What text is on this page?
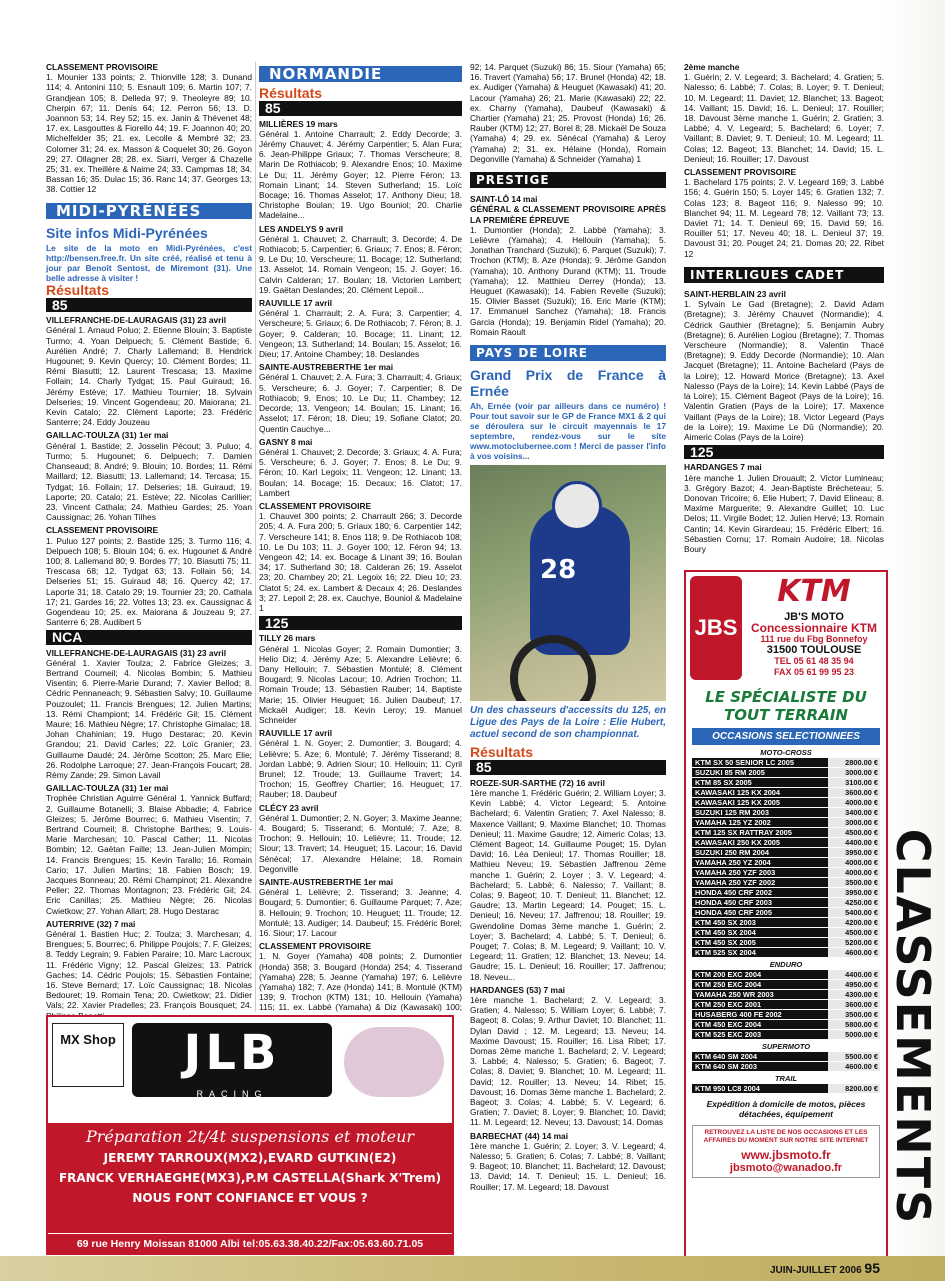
CLASSEMENT PROVISOIRE

1. Mounier 133 points; 2. Thionville 128; 3. Dunand 114; 4. Antonini 110; 5. Esnault 109; 6. Martin 107; 7. Grandjean 105; 8. Delleda 97; 9. Theoleyre 89; 10. Cherpin 67; 11. Denis 64; 12. Perron 56; 13. D. Joannon 53; 14. Rey 52; 15. ex. Janin & Thévenet 48; 17. ex. Lasgouttes & Fiorello 44; 19. F. Joannon 40; 20. Michelfelder 35; 21. ex. Lecolle & Membré 32; 23. Colomer 31; 24. ex. Masson & Coquelet 30; 26. Goyon 29; 27. Ollagner 28; 28. ex. Siarri, Verger & Chazelle 25; 31. ex. Theillère & Naime 24; 33. Campmas 18; 34. Bassan 16; 35. Dulac 15; 36. Ranc 14; 37. Georges 13; 38. Cottier 12

MIDI-PYRÉNÉES
Site infos Midi-Pyrénées
Le site de la moto en Midi-Pyrénées, c'est http://bensen.free.fr. Un site créé, réalisé et tenu à jour par Benoît Sentost, de Miremont (31). Une belle adresse à visiter !
Résultats
85

VILLEFRANCHE-DE-LAURAGAIS (31) 23 avril

Général 1. Arnaud Poluo; 2. Etienne Blouin; 3. Baptiste Turmo; 4. Yoan Delpuech; 5. Clément Bastide; 6. Aurélien André; 7. Charly Lallemand; 8. Hendrick Hugounet; 9. Kevin Quercy; 10. Clément Bordes; 11. Rémi Biasutti; 12. Laurent Trescasa; 13. Maxime Follain; 14. Charly Tydgat; 15. Paul Guiraud; 16. Jérémy Estève; 17. Mathieu Tournier; 18. Sylvain Delseries; 19. Vincent Gogendeau; 20. Maiorana; 21. Kevin Catalo; 22. Clément Laporte; 23. Frédéric Santerre; 24. Eddy Jouzeau

GAILLAC-TOULZA (31) 1er mai

Général 1. Bastide; 2. Josselin Pécout; 3. Puluo; 4. Turmo; 5. Hugounet; 6. Delpuech; 7. Damien Chanseaud; 8. André; 9. Blouin; 10. Bordes; 11. Rémi Maillard; 12. Biasutti; 13. Lallemand; 14. Tercasa; 15. Tydgat; 16. Follain; 17. Delseries; 18. Guiraud; 19. Laporte; 20. Catalo; 21. Estève; 22. Nicolas Carillier; 23. Vincent Cathala; 24. Mathieu Gardes; 25. Yoan Caussignac; 26. Yohan Tilhes

CLASSEMENT PROVISOIRE

1. Puluo 127 points; 2. Bastide 125; 3. Turmo 116; 4. Delpuech 108; 5. Blouin 104; 6. ex. Hugounet & André 100; 8. Lallemand 80; 9. Bordes 77; 10. Biasutti 75; 11. Trescasa 68; 12. Tydgat 63; 13. Follain 56; 14. Delseries 51; 15. Guiraud 48; 16. Quercy 42; 17. Laporte 31; 18. Catalo 29; 19. Tournier 23; 20. Cathala 17; 21. Gardes 16; 22. Voltes 13; 23. ex. Caussignac & Gogendeau 10; 25. ex. Maiorana & Jouzeau 9; 27. Santerre 6; 28. Audibert 5

NCA

VILLEFRANCHE-DE-LAURAGAIS (31) 23 avril

Général 1. Xavier Toulza; 2. Fabrice Gleizes; 3. Bertrand Coumeil; 4. Nicolas Bombin; 5. Mathieu Visentin; 6. Pierre-Marie Durand; 7. Xavier Bellod; 8. Cédric Pennaneach; 9. Sébastien Salvy; 10. Guillaume Pouzoulet; 11. Francis Brengues; 12. Julien Martins; 13. Rémi Championt; 14. Frédéric Gil; 15. Clément Maure; 16. Mathieu Nègre; 17. Christophe Gimalac; 18. Johan Chahinian; 19. Hugo Destarac; 20. Kevin Grandou; 21. David Carles; 22. Loïc Granier; 23. Guillaume Daudé; 24. Jérôme Scotton; 25. Marc Elie; 26. Rodolphe Larroque; 27. Jean-François Foucart; 28. Rémy Zande; 29. Simon Lavail

GAILLAC-TOULZA (31) 1er mai

Trophée Christian Aguirre Général 1. Yannick Buffard; 2. Guillaume Botanelli; 3. Blaise Abbadie; 4. Fabrice Gleizes; 5. Jérôme Bourrec; 6. Mathieu Visentin; 7. Bertrand Coumeil; 8. Christophe Barthes; 9. Louis-Marie Marchesan; 10. Pascal Cather; 11. Nicolas Bombin; 12. Gaëtan Faille; 13. Jean-Julien Mompin; 14. Francis Brengues; 15. Kevin Tarallo; 16. Romain Cario; 17. Julien Martins; 18. Fabien Bosch; 19. Jacques Bonneau; 20. Rémi Champinot; 21. Alexandre Peller; 22. Thomas Montagnon; 23. Frédéric Gil; 24. Eric Canillas; 25. Mathieu Nègre; 26. Nicolas Cwietkow; 27. Yohan Allart; 28. Hugo Destarac

AUTERRIVE (32) 7 mai

Général 1. Bastien Huc; 2. Toulza; 3. Marchesan; 4. Brengues; 5. Bourrec; 6. Philippe Poujols; 7. F. Gleizes; 8. Teddy Legrain; 9. Fabien Paraire; 10. Marc Lacroux; 11. Frédéric Vigny; 12. Pascal Gleizes; 13. Patrick Gaches; 14. Cédric Poujols; 15. Sébastien Fontaine; 16. Steve Bernard; 17. Loïc Caussignac; 18. Nicolas Bedouret; 19. Romain Tena; 20. Cwietkow; 21. Didier Vals; 22. Xavier Pradelles; 23. François Bousquet; 24.

NORMANDIE
Résultats
85

MILLIÈRES 19 mars

Général 1. Antoine Charrault; 2. Eddy Decorde; 3. Jérémy Chauvet; 4. Jérémy Carpentier; 5. Alan Fura; 6. Jean-Philippe Griaux; 7. Thomas Verscheure; 8. Marin De Rothiacob; 9. Alexandre Enos; 10. Maxime Le Du; 11. Jérémy Goyer; 12. Pierre Féron; 13. Romain Linant; 14. Steven Sutherland; 15. Loïc Bocage; 16. Thomas Asselot; 17. Anthony Dieu; 18. Christophe Boulan; 19. Ugo Bouniol; 20. Charlie Madelaine...

LES ANDELYS 9 avril

Général 1. Chauvet; 2. Charrault; 3. Decorde; 4. De Rothiacob; 5. Carpentier; 6. Griaux; 7. Enos; 8. Féron; 9. Le Du; 10. Verscheure; 11. Bocage; 12. Sutherland; 13. Asselot; 14. Romain Vengeon; 15. J. Goyer; 16. Calvin Calderan; 17. Boulan; 18. Victorien Lambert; 19. Gaëtan Deslandes; 20. Clément Lepoil...

RAUVILLE 17 avril

Général 1. Charrault; 2. A. Fura; 3. Carpentier; 4. Verscheure; 5. Griaux; 6. De Rothiacob; 7. Féron; 8. J. Goyer; 9. Calderan; 10. Bocage; 11. Linant; 12. Vengeon; 13. Sutherland; 14. Boulan; 15. Asselot; 16. Dieu; 17. Antoine Chambey; 18. Deslandes

SAINTE-AUSTREBERTHE 1er mai

Général 1. Chauvet; 2. A. Fura; 3. Charrault; 4. Griaux; 5. Verscheure; 6. J. Goyer; 7. Carpentier; 8. De Rothiacob; 9. Enos; 10. Le Du; 11. Chambey; 12. Decorde; 13. Vengeon; 14. Boulan; 15. Linant; 16. Asselot; 17. Féron; 18. Dieu; 19. Sofiane Clatot; 20. Quentin Cauchye...

GASNY 8 mai

Général 1. Chauvet; 2. Decorde; 3. Griaux; 4. A. Fura; 5. Verscheure; 6. J. Goyer; 7. Enos; 8. Le Du; 9. Féron; 10. Karl Legoix; 11. Vengeon; 12. Linant; 13. Boulan; 14. Bocage; 15. Decaux; 16. Clatot; 17. Lambert

CLASSEMENT PROVISOIRE

1. Chauvet 300 points; 2. Charrault 266; 3. Decorde 205; 4. A. Fura 200; 5. Griaux 180; 6. Carpentier 142; 7. Verscheure 141; 8. Enos 118; 9. De Rothiacob 108; 10. Le Du 103; 11. J. Goyer 100; 12. Féron 94; 13. Vengeon 42; 14. ex. Bocage & Linant 39; 16. Boulan 34; 17. Sutherland 30; 18. Calderan 26; 19. Asselot 23; 20. Chambey 20; 21. Legoix 16; 22. Dieu 10; 23. Clatot 5; 24. ex. Lambert & Decaux 4; 26. Deslandes 3; 27. Lepoil 2; 28. ex. Cauchye, Bouniol & Madelaine 1

125

TILLY 26 mars

Général 1. Nicolas Goyer; 2. Romain Dumontier; 3. Helio Diz; 4. Jérémy Aze; 5. Alexandre Lelièvre; 6. Dany Hellouin; 7. Sébastien Montulé; 8. Clément Bougard; 9. Nicolas Lacour; 10. Adrien Trochon; 11. Romain Troude; 13. Sébastien Rauber; 14. Baptiste Marie; 15. Olivier Heuguet; 16. Julien Daubeuf; 17. Mickaël Audiger; 18. Kevin Leroy; 19. Manuel Schneider

RAUVILLE 17 avril

Général 1. N. Goyer; 2. Dumontier; 3. Bougard; 4. Lelièvre; 5. Aze; 6. Montulé; 7. Jérémy Tisserand; 8. Jordan Labbé; 9. Adrien Siour; 10. Hellouin; 11. Cyril Brunel; 12. Troude; 13. Guillaume Travert; 14. Trochon; 15. Geoffrey Chartier; 16. Heuguet; 17. Rauber; 18. Daubeuf

CLÉCY 23 avril

Général 1. Dumontier; 2. N. Goyer; 3. Maxime Jeanne; 4. Bougard; 5. Tisserand; 6. Montulé; 7. Aze; 8. Trochon; 9. Hellouin; 10. Lelièvre; 11. Troude; 12. Siour; 13. Travert; 14. Heuguet; 15. Lacour; 16. David Sénécal; 17. Alexandre Hélaine; 18. Romain Degonville

SAINTE-AUSTREBERTHE 1er mai

Général 1. Lelièvre; 2. Tisserand; 3. Jeanne; 4. Bougard; 5. Dumontier; 6. Guillaume Parquet; 7. Aze; 8. Hellouin; 9. Trochon; 10. Heuguet; 11. Troude; 12. Montulé; 13. Audiger; 14. Daubeuf; 15. Frédéric Borel; 16. Siour; 17. Lacour

CLASSEMENT PROVISOIRE

1. N. Goyer (Yamaha) 408 points; 2. Dumontier (Honda) 358; 3. Bougard (Honda) 254; 4. Tisserand (Yamaha) 228; 5. Jeanne (Yamaha) 197; 6. Lelièvre (Yamaha) 182; 7. Aze (Honda) 141; 8. Montulé (KTM) 139; 9. Trochon (KTM) 131; 10. Hellouin (Yamaha) 115; 11. ex. Labbé (Yamaha) & Diz (Kawasaki) 100;

92; 14. Parquet (Suzuki) 86; 15. Siour (Yamaha) 65; 16. Travert (Yamaha) 56; 17. Brunel (Honda) 42; 18. ex. Audiger (Yamaha) & Heuguet (Kawasaki) 41; 20. Lacour (Yamaha) 26; 21. Marie (Kawasaki) 22; 22. ex. Charny (Yamaha), Daubeuf (Kawasaki) & Chartier (Yamaha) 21; 25. Provost (Honda) 16; 26. Rauber (KTM) 12; 27. Borel 8; 28. Mickaël De Souza (Yamaha) 4; 29. ex. Sénécal (Yamaha) & Leroy (Yamaha) 2; 31. ex. Hélaine (Honda), Romain Degonville (Yamaha) & Schneider (Yamaha) 1

PRESTIGE

SAINT-LÔ 14 mai

GÉNÉRAL & CLASSEMENT PROVISOIRE APRÈS LA PREMIÈRE ÉPREUVE

1. Dumontier (Honda); 2. Labbé (Yamaha); 3. Lelièvre (Yamaha); 4. Hellouin (Yamaha); 5. Jonathan Tranchard (Suzuki); 6. Parquet (Suzuki); 7. Trochon (KTM); 8. Aze (Honda); 9. Jérôme Gandon (Yamaha); 10. Anthony Durand (KTM); 11. Troude (Yamaha); 12. Matthieu Derrey (Honda); 13. Heuguet (Kawasaki); 14. Fabien Revelle (Suzuki); 15. Olivier Basset (Suzuki); 16. Eric Marie (KTM); 17. Emmanuel Sanchez (Yamaha); 18. Francis Garcia (Honda); 19. Benjamin Ridel (Yamaha); 20. Romain Raoult

PAYS DE LOIRE
Grand Prix de France à Ernée
Ah, Ernée (voir par ailleurs dans ce numéro) ! Pour tout savoir sur le GP de France MX1 & 2 qui se déroulera sur le circuit mayennais le 17 septembre, rendez-vous sur le site www.motoclubernee.com ! Merci de passer l'info à vos voisins...
28
Un des chasseurs d'accessits du 125, en Ligue des Pays de la Loire : Elie Hubert, actuel second de son championnat.
Résultats
85

ROEZE-SUR-SARTHE (72) 16 avril

1ère manche 1. Frédéric Guérin; 2. William Loyer; 3. Kevin Labbé; 4. Victor Legeard; 5. Antoine Bachelard; 6. Valentin Gratien; 7. Axel Nalesso; 8. Maxence Vaillant; 9. Maxime Blanchet; 10. Thomas Denieul; 11. Maxime Gaudre; 12. Aimeric Colas; 13. Clément Bageot; 14. Guillaume Pouget; 15. Dylan David; 16. Léa Denieul; 17. Thomas Rouiller; 18. Mathieu Neveu; 19. Sébastien Jaffrenou 2ème manche 1. Guérin; 2. Loyer ; 3. V. Legeard; 4. Bachelard; 5. Labbé; 6. Nalesso; 7. Vaillant; 8. Colas; 9. Bageot; 10. T. Denieul; 11. Blanchet; 12. Gaudre; 13. Martin Legeard; 14. Pouget; 15. L. Denieul; 16. Neveu; 17. Jaffrenou; 18. Rouiller; 19. Gwendoline Domas 3ème manche 1. Guérin; 2. Loyer; 3. Bachelard; 4. Labbé; 5. T. Denieul; 6. Pouget; 7. Colas; 8. M. Legeard; 9. Vaillant; 10. V. Legeard; 11. Gratien; 12. Blanchet; 13. Neveu; 14. Gaudre; 15. L. Denieul; 16. Rouiller; 17. Jaffrenou; 18. Neveu...

HARDANGES (53) 7 mai

1ère manche 1. Bachelard; 2. V. Legeard; 3. Gratien; 4. Nalesso; 5. William Loyer; 6. Labbé; 7. Bageot; 8. Colas; 9. Arthur Daviet; 10. Blanchet; 11. Dylan David ; 12. M. Legeard; 13. Neveu; 14. Maxime Davoust; 15. Rouiller; 16. Lisa Ribet; 17. Domas 2ème manche 1. Bachelard; 2. V. Legeard; 3. Labbé; 4. Nalesso; 5. Gratien; 6. Bageot; 7. Colas; 8. Daviet; 9. Blanchet; 10. M. Legeard; 11. David; 12. Rouiller; 13. Neveu; 14. Ribet; 15. Davoust; 16. Domas 3ème manche 1. Bachelard; 2. Bageot; 3. Colas; 4. Labbé; 5. V. Legeard; 6. Gratien; 7. Daviet; 8. Loyer; 9. Blanchet; 10. David; 11. M. Legeard; 12. Neveu; 13. Davoust; 14. Domas

BARBECHAT (44) 14 mai

1ère manche 1. Guérin; 2. Loyer; 3. V. Legeard; 4. Nalesso; 5. Gratien; 6. Colas; 7. Labbé; 8. Vaillant; 9. Bageot; 10. Blanchet; 11. Bachelard; 12. Davoust; 13. David; 14. T. Denieul; 15. L. Denieul; 16. Rouiller; 17. M. Legeard; 18. Davoust

2ème manche

1. Guérin; 2. V. Legeard; 3. Bachelard; 4. Gratien; 5. Nalesso; 6. Labbé; 7. Colas; 8. Loyer; 9. T. Denieul; 10. M. Legeard; 11. Daviet; 12. Blanchet; 13. Bageot; 14. Vaillant; 15. David; 16. L. Denieul; 17. Rouiller; 18. Davoust 3ème manche 1. Guérin; 2. Gratien; 3. Labbé; 4. V. Legeard; 5. Bachelard; 6. Loyer; 7. Vaillant; 8. Daviet; 9. T. Denieul; 10. M. Legeard; 11. Colas; 12. Bageot; 13. Blanchet; 14. David; 15. L. Denieul; 16. Rouiller; 17. Davoust

CLASSEMENT PROVISOIRE

1. Bachelard 175 points; 2. V. Legeard 169; 3. Labbé 156; 4. Guérin 150; 5. Loyer 145; 6. Gratien 132; 7. Colas 123; 8. Bageot 116; 9. Nalesso 99; 10. Blanchet 94; 11. M. Legeard 78; 12. Vaillant 73; 13. Daviet 71; 14. T. Denieul 69; 15. David 59; 16. Rouiller 51; 17. Neveu 40; 18. L. Denieul 37; 19. Davoust 31; 20. Pouget 24; 21. Domas 20; 22. Ribet 12

INTERLIGUES CADET

SAINT-HERBLAIN 23 avril

1. Sylvain Le Gad (Bretagne); 2. David Adam (Bretagne); 3. Jérémy Chauvet (Normandie); 4. Cédrick Gauthier (Bretagne); 5. Benjamin Aubry (Bretagne); 6. Aurélien Logiou (Bretagne); 7. Thomas Verscheure (Normandie); 8. Valentin Thacé (Bretagne); 9. Eddy Decorde (Normandie); 10. Alan Jacquet (Bretagne); 11. Antoine Bachelard (Pays de la Loire); 12. Howard Morice (Bretagne); 13. Axel Nalesso (Pays de la Loire); 14. Kevin Labbé (Pays de la Loire); 15. Clément Bageot (Pays de la Loire); 16. Valentin Gratien (Pays de la Loire); 17. Maxence Vaillant (Pays de la Loire); 18. Victor Legeard (Pays de la Loire); 19. Maxime Le Dû (Normandie); 20. Aimeric Colas (Pays de la Loire)

125

HARDANGES 7 mai

1ère manche 1. Julien Drouault; 2. Victor Lumineau; 3. Grégory Bazot; 4. Jean-Baptiste Brécheteau; 5. Donovan Tricoire; 6. Elie Hubert; 7. David Elineau; 8. Maxime Marguerite; 9. Alexandre Guillet; 10. Luc Delos; 11. Virgile Bodet; 12. Julien Hervé; 13. Romain Cantin; 14. Kevin Girardeau; 15. Frédéric Elbert; 16. Sébastien Cornu; 17. Romain Audoire; 18. Nicolas Boury

MX Shop	JLB
RACING
Préparation 2t/4t suspensions et moteur
JEREMY TARROUX(MX2),EVARD GUTKIN(E2)
FRANCK VERHAEGHE(MX3),P.M CASTELLA(Shark X'Trem)
NOUS FONT CONFIANCE ET VOUS ?
69 rue Henry Moissan 81000 Albi tel:05.63.38.40.22/Fax:05.63.60.71.05
JBS
KTM
JB'S MOTO
Concessionnaire KTM
111 rue du Fbg Bonnefoy
31500 TOULOUSE
TEL 05 61 48 35 94
FAX 05 61 99 95 23
LE SPÉCIALISTE DU TOUT TERRAIN
OCCASIONS SELECTIONNEES
MOTO-CROSS
KTM SX 50 SENIOR LC 2005	2800.00 €
SUZUKI 85 RM 2005	3000.00 €
KTM 85 SX 2005	3100.00 €
KAWASAKI 125 KX 2004	3600.00 €
KAWASAKI 125 KX 2005	4000.00 €
SUZUKI 125 RM 2003	3400.00 €
YAMAHA 125 YZ 2002	3000.00 €
KTM 125 SX RATTRAY 2005	4500.00 €
KAWASAKI 250 KX 2005	4400.00 €
SUZUKI 250 RM 2004	3950.00 €
YAMAHA 250 YZ 2004	4000.00 €
YAMAHA 250 YZF 2003	4000.00 €
YAMAHA 250 YZF 2002	3500.00 €
HONDA 450 CRF 2002	3950.00 €
HONDA 450 CRF 2003	4250.00 €
HONDA 450 CRF 2005	5400.00 €
KTM 450 SX 2003	4200.00 €
KTM 450 SX 2004	4500.00 €
KTM 450 SX 2005	5200.00 €
KTM 525 SX 2004	4600.00 €
ENDURO
KTM 200 EXC 2004	4400.00 €
KTM 250 EXC 2004	4950.00 €
YAMAHA 250 WR 2003	4300.00 €
KTM 250 EXC 2001	3600.00 €
HUSABERG 400 FE 2002	3500.00 €
KTM 450 EXC 2004	5800.00 €
KTM 525 EXC 2003	5000.00 €
SUPERMOTO
KTM 640 SM 2004	5500.00 €
KTM 640 SM 2003	4600.00 €
TRAIL
KTM 950 LC8 2004	8200.00 €
Expédition à domicile de motos, pièces détachées, équipement
RETROUVEZ LA LISTE DE NOS OCCASIONS ET LES AFFAIRES DU MOMENT SUR NOTRE SITE INTERNET
www.jbsmoto.fr
jbsmoto@wanadoo.fr CLASSEMENTS
JUIN-JUILLET 2006 95
